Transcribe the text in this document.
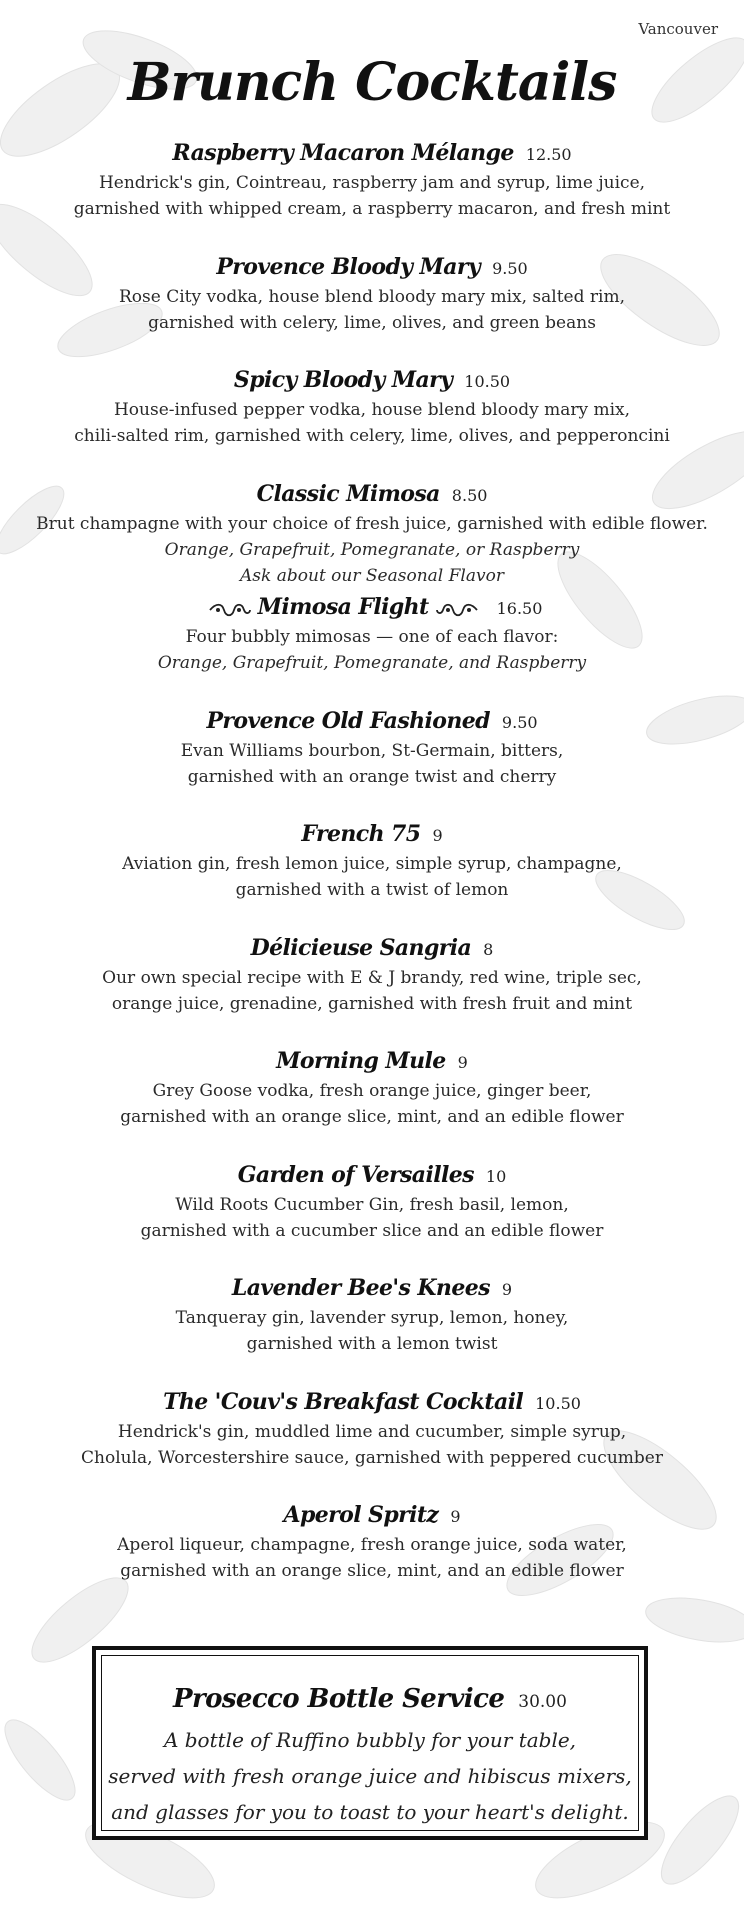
Vancouver
Brunch Cocktails
Raspberry Macaron Mélange 12.50
Hendrick's gin, Cointreau, raspberry jam and syrup, lime juice,
garnished with whipped cream, a raspberry macaron, and fresh mint
Provence Bloody Mary 9.50
Rose City vodka, house blend bloody mary mix, salted rim,
garnished with celery, lime, olives, and green beans
Spicy Bloody Mary 10.50
House-infused pepper vodka, house blend bloody mary mix,
chili-salted rim, garnished with celery, lime, olives, and pepperoncini
Classic Mimosa 8.50
Brut champagne with your choice of fresh juice, garnished with edible flower.
Orange, Grapefruit, Pomegranate, or Raspberry
Ask about our Seasonal Flavor
Mimosa Flight	16.50
Four bubbly mimosas — one of each flavor:
Orange, Grapefruit, Pomegranate, and Raspberry
Provence Old Fashioned 9.50
Evan Williams bourbon, St-Germain, bitters,
garnished with an orange twist and cherry
French 75 9
Aviation gin, fresh lemon juice, simple syrup, champagne,
garnished with a twist of lemon
Délicieuse Sangria 8
Our own special recipe with E & J brandy, red wine, triple sec,
orange juice, grenadine, garnished with fresh fruit and mint
Morning Mule 9
Grey Goose vodka, fresh orange juice, ginger beer,
garnished with an orange slice, mint, and an edible flower
Garden of Versailles 10
Wild Roots Cucumber Gin, fresh basil, lemon,
garnished with a cucumber slice and an edible flower
Lavender Bee's Knees 9
Tanqueray gin, lavender syrup, lemon, honey,
garnished with a lemon twist
The 'Couv's Breakfast Cocktail 10.50
Hendrick's gin, muddled lime and cucumber, simple syrup,
Cholula, Worcestershire sauce, garnished with peppered cucumber
Aperol Spritz 9
Aperol liqueur, champagne, fresh orange juice, soda water,
garnished with an orange slice, mint, and an edible flower
Prosecco Bottle Service 30.00
A bottle of Ruffino bubbly for your table,
served with fresh orange juice and hibiscus mixers,
and glasses for you to toast to your heart's delight.
